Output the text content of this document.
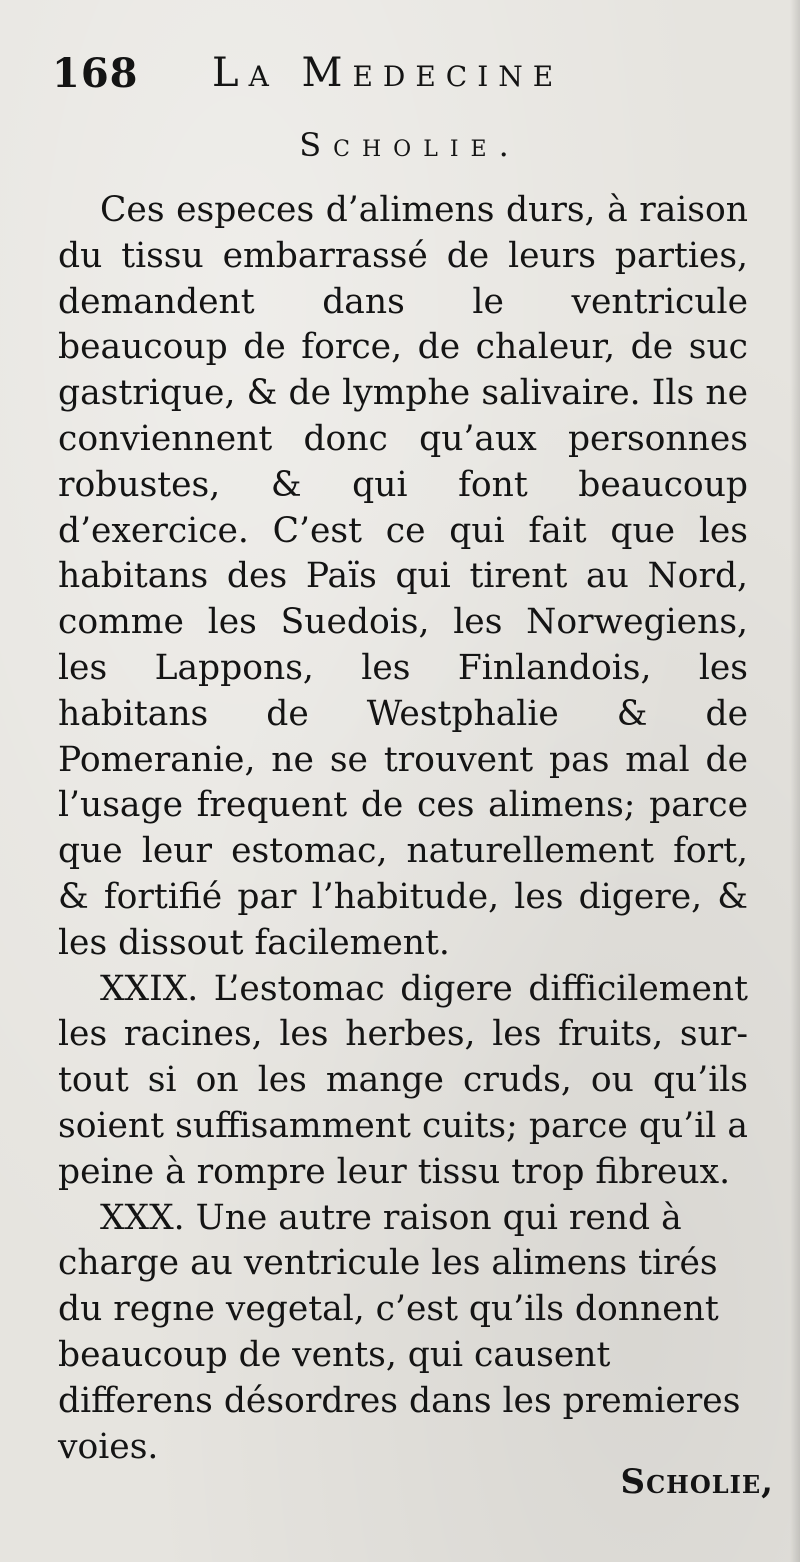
168 La Medecine
Scholie.

Ces especes d’alimens durs, à raison du tissu embarrassé de leurs parties, demandent dans le ventricule beaucoup de force, de chaleur, de suc gastrique, & de lymphe salivaire. Ils ne conviennent donc qu’aux personnes robustes, & qui font beaucoup d’exercice. C’est ce qui fait que les habitans des Païs qui tirent au Nord, comme les Suedois, les Norwegiens, les Lappons, les Finlandois, les habitans de Westphalie & de Pomeranie, ne se trouvent pas mal de l’usage frequent de ces alimens; parce que leur estomac, naturellement fort, & fortifié par l’habitude, les digere, & les dissout facilement.

XXIX. L’estomac digere difficilement les racines, les herbes, les fruits, sur-tout si on les mange cruds, ou qu’ils soient suffisamment cuits; parce qu’il a peine à rompre leur tissu trop fibreux.

XXX. Une autre raison qui rend à charge au ventricule les alimens tirés du regne vegetal, c’est qu’ils donnent beaucoup de vents, qui causent differens désordres dans les premieres voies.

Scholie,
